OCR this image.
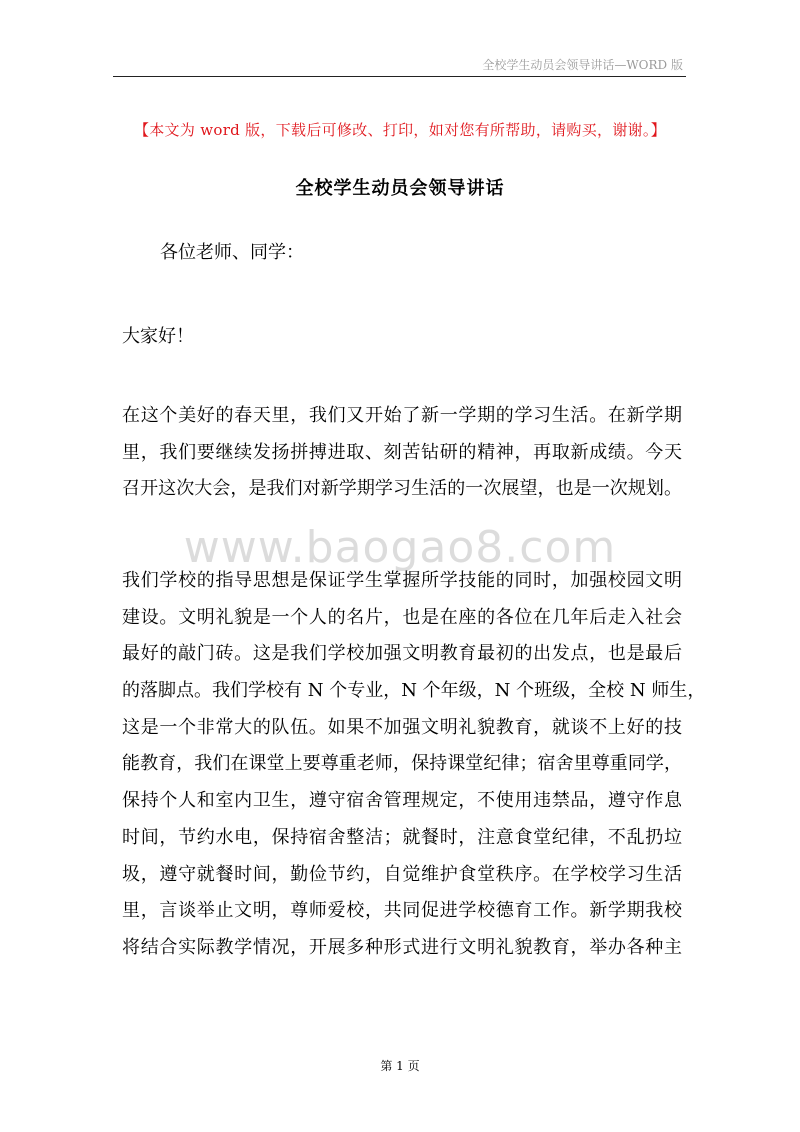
全校学生动员会领导讲话—WORD 版
【本文为 word 版，下载后可修改、打印，如对您有所帮助，请购买，谢谢。】
全校学生动员会领导讲话
各位老师、同学：
大家好！
在这个美好的春天里，我们又开始了新一学期的学习生活。在新学期
里，我们要继续发扬拼搏进取、刻苦钻研的精神，再取新成绩。今天
召开这次大会，是我们对新学期学习生活的一次展望，也是一次规划。
www.baogao8.com
我们学校的指导思想是保证学生掌握所学技能的同时，加强校园文明
建设。文明礼貌是一个人的名片，也是在座的各位在几年后走入社会
最好的敲门砖。这是我们学校加强文明教育最初的出发点，也是最后
的落脚点。我们学校有 N 个专业，N 个年级，N 个班级，全校 N 师生，
这是一个非常大的队伍。如果不加强文明礼貌教育，就谈不上好的技
能教育，我们在课堂上要尊重老师，保持课堂纪律；宿舍里尊重同学，
保持个人和室内卫生，遵守宿舍管理规定，不使用违禁品，遵守作息
时间，节约水电，保持宿舍整洁；就餐时，注意食堂纪律，不乱扔垃
圾，遵守就餐时间，勤俭节约，自觉维护食堂秩序。在学校学习生活
里，言谈举止文明，尊师爱校，共同促进学校德育工作。新学期我校
将结合实际教学情况，开展多种形式进行文明礼貌教育，举办各种主
第 1 页
